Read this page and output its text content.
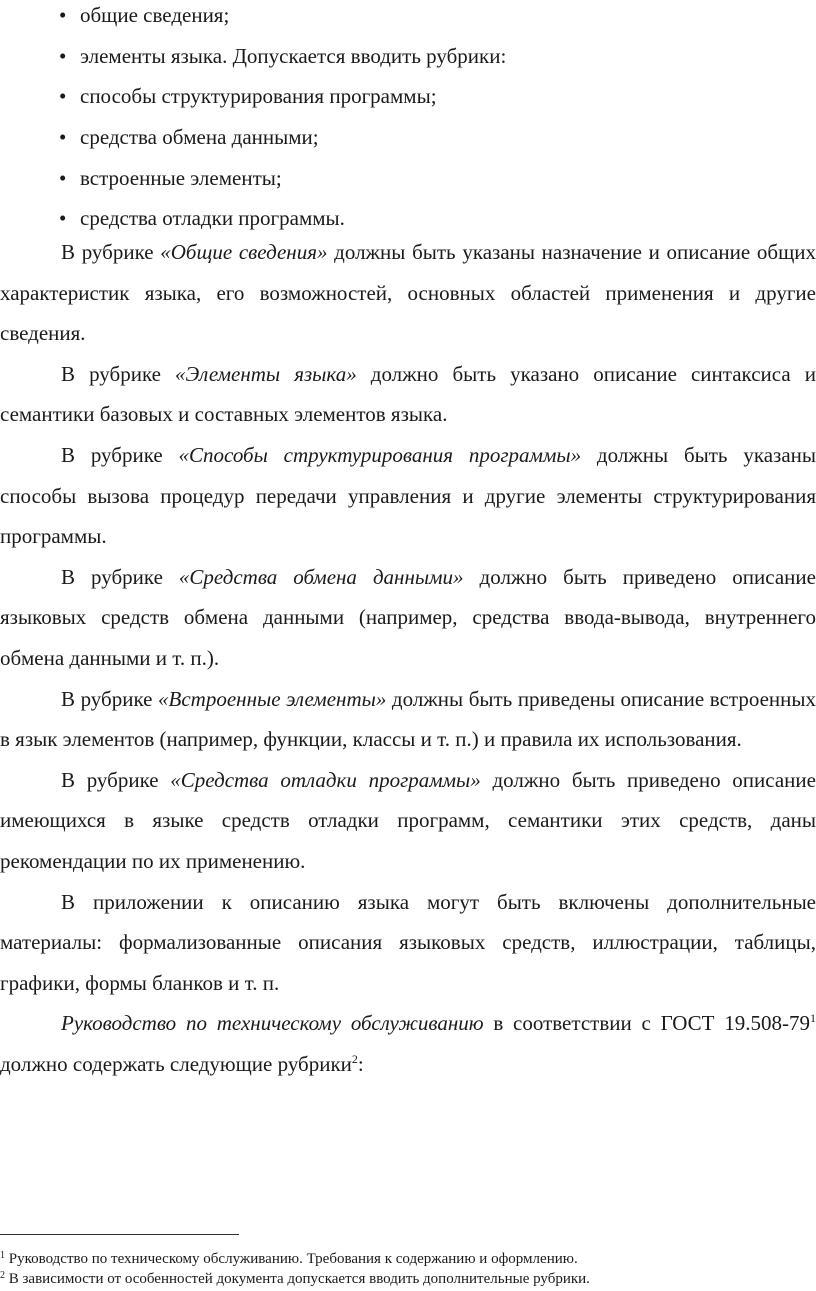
• общие сведения;
• элементы языка. Допускается вводить рубрики:
• способы структурирования программы;
• средства обмена данными;
• встроенные элементы;
• средства отладки программы.

В рубрике «Общие сведения» должны быть указаны назначение и описание общих характеристик языка, его возможностей, основных областей применения и другие сведения.

В рубрике «Элементы языка» должно быть указано описание синтаксиса и семантики базовых и составных элементов языка.

В рубрике «Способы структурирования программы» должны быть указаны способы вызова процедур передачи управления и другие элементы структурирования программы.

В рубрике «Средства обмена данными» должно быть приведено описание языковых средств обмена данными (например, средства ввода-вывода, внутреннего обмена данными и т. п.).

В рубрике «Встроенные элементы» должны быть приведены описание встроенных в язык элементов (например, функции, классы и т. п.) и правила их использования.

В рубрике «Средства отладки программы» должно быть приведено описание имеющихся в языке средств отладки программ, семантики этих средств, даны рекомендации по их применению.

В приложении к описанию языка могут быть включены дополнительные материалы: формализованные описания языковых средств, иллюстрации, таблицы, графики, формы бланков и т. п.

Руководство по техническому обслуживанию в соответствии с ГОСТ $19.508-79^1$ должно содержать следующие рубрики$^2$:

$^1$ Руководство по техническому обслуживанию. Требования к содержанию и оформлению.
$^2$ В зависимости от особенностей документа допускается вводить дополнительные рубрики.
